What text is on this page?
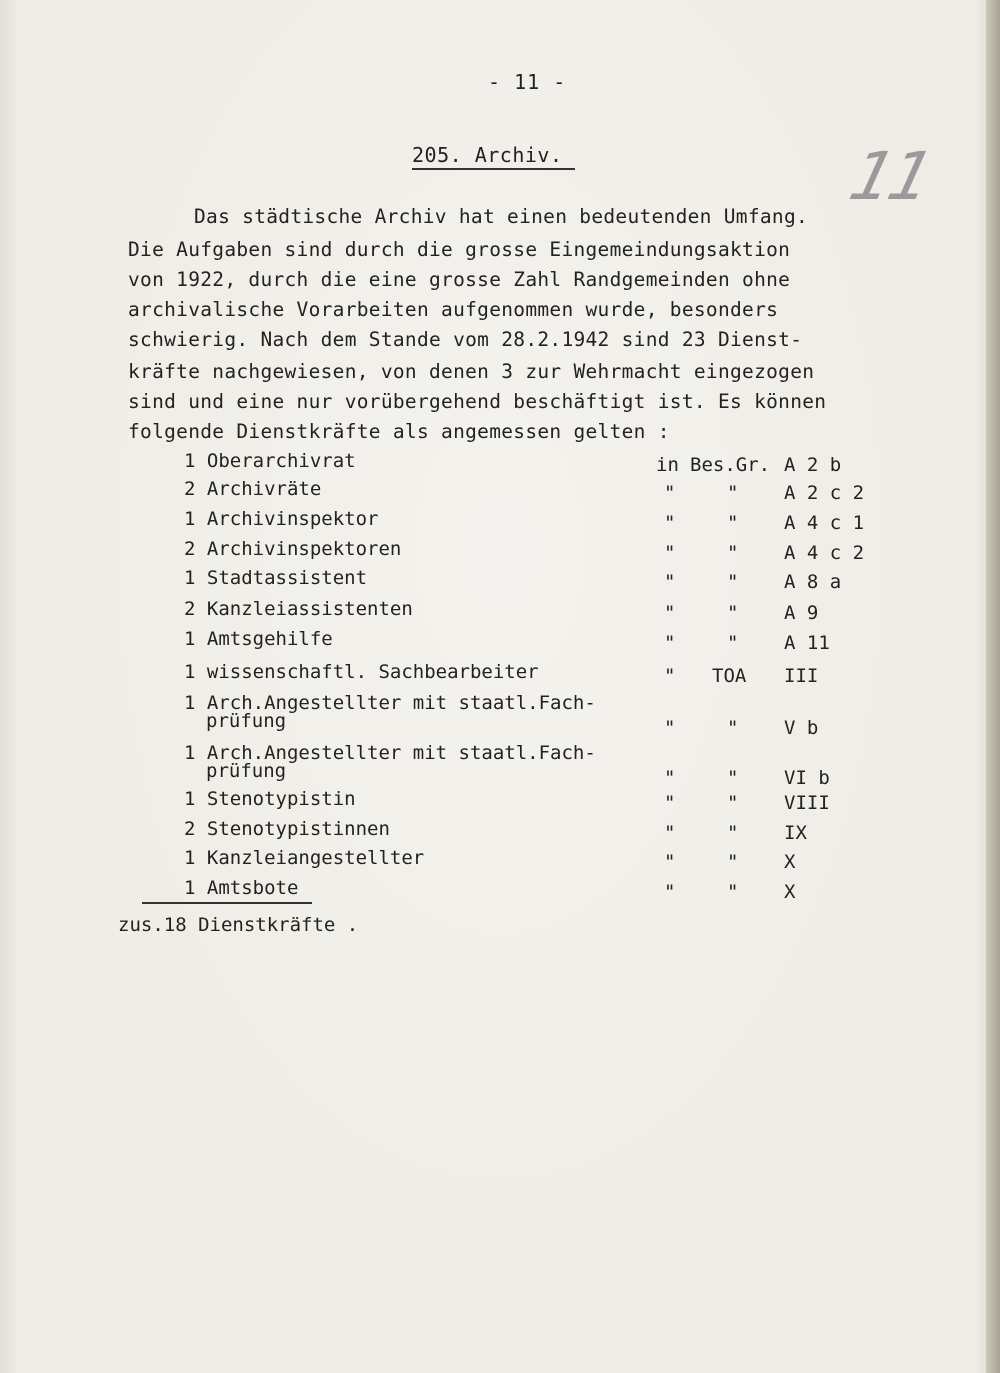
- 11 -
205. Archiv.	11
Das städtische Archiv hat einen bedeutenden Umfang.
Die Aufgaben sind durch die grosse Eingemeindungsaktion
von 1922, durch die eine grosse Zahl Randgemeinden ohne
archivalische Vorarbeiten aufgenommen wurde, besonders
schwierig. Nach dem Stande vom 28.2.1942 sind 23 Dienst-
kräfte nachgewiesen, von denen 3 zur Wehrmacht eingezogen
sind und eine nur vorübergehend beschäftigt ist. Es können
folgende Dienstkräfte als angemessen gelten :
1 Oberarchivrat	in Bes.Gr. A 2 b
2 Archivräte	"	" A 2 c 2
1 Archivinspektor	"	" A 4 c 1
2 Archivinspektoren	"	" A 4 c 2
1 Stadtassistent	"	" A 8 a
2 Kanzleiassistenten	"	" A 9
1 Amtsgehilfe	"	" A 11
1 wissenschaftl. Sachbearbeiter	" TOA III
1 Arch.Angestellter mit staatl.Fach-
prüfung	"	" V b
1 Arch.Angestellter mit staatl.Fach-
prüfung	"	" VI b
1 Stenotypistin	"	" VIII
2 Stenotypistinnen	"	" IX
1 Kanzleiangestellter	"	" X
1 Amtsbote	"	" X
zus.18 Dienstkräfte .
